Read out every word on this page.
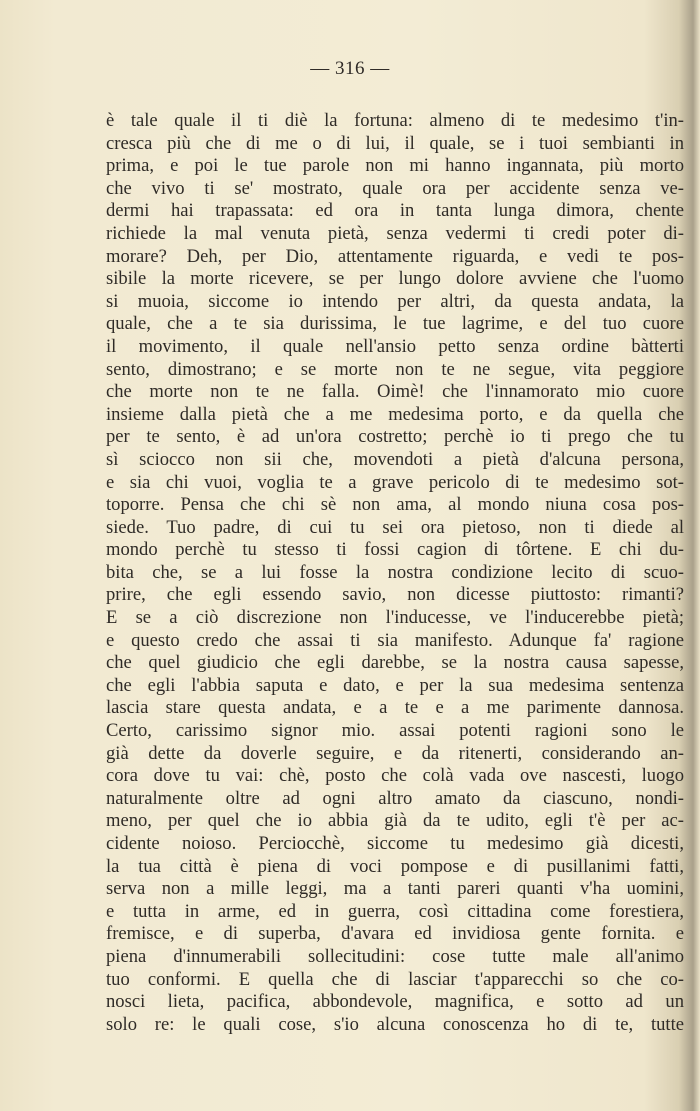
— 316 —
è tale quale il ti diè la fortuna: almeno di te medesimo t'in-
cresca più che di me o di lui, il quale, se i tuoi sembianti in
prima, e poi le tue parole non mi hanno ingannata, più morto
che vivo ti se' mostrato, quale ora per accidente senza ve-
dermi hai trapassata: ed ora in tanta lunga dimora, chente
richiede la mal venuta pietà, senza vedermi ti credi poter di-
morare? Deh, per Dio, attentamente riguarda, e vedi te pos-
sibile la morte ricevere, se per lungo dolore avviene che l'uomo
si muoia, siccome io intendo per altri, da questa andata, la
quale, che a te sia durissima, le tue lagrime, e del tuo cuore
il movimento, il quale nell'ansio petto senza ordine bàtterti
sento, dimostrano; e se morte non te ne segue, vita peggiore
che morte non te ne falla. Oimè! che l'innamorato mio cuore
insieme dalla pietà che a me medesima porto, e da quella che
per te sento, è ad un'ora costretto; perchè io ti prego che tu
sì sciocco non sii che, movendoti a pietà d'alcuna persona,
e sia chi vuoi, voglia te a grave pericolo di te medesimo sot-
toporre. Pensa che chi sè non ama, al mondo niuna cosa pos-
siede. Tuo padre, di cui tu sei ora pietoso, non ti diede al
mondo perchè tu stesso ti fossi cagion di tôrtene. E chi du-
bita che, se a lui fosse la nostra condizione lecito di scuo-
prire, che egli essendo savio, non dicesse piuttosto: rimanti?
E se a ciò discrezione non l'inducesse, ve l'inducerebbe pietà;
e questo credo che assai ti sia manifesto. Adunque fa' ragione
che quel giudicio che egli darebbe, se la nostra causa sapesse,
che egli l'abbia saputa e dato, e per la sua medesima sentenza
lascia stare questa andata, e a te e a me parimente dannosa.
Certo, carissimo signor mio. assai potenti ragioni sono le
già dette da doverle seguire, e da ritenerti, considerando an-
cora dove tu vai: chè, posto che colà vada ove nascesti, luogo
naturalmente oltre ad ogni altro amato da ciascuno, nondi-
meno, per quel che io abbia già da te udito, egli t'è per ac-
cidente noioso. Perciocchè, siccome tu medesimo già dicesti,
la tua città è piena di voci pompose e di pusillanimi fatti,
serva non a mille leggi, ma a tanti pareri quanti v'ha uomini,
e tutta in arme, ed in guerra, così cittadina come forestiera,
fremisce, e di superba, d'avara ed invidiosa gente fornita. e
piena d'innumerabili sollecitudini: cose tutte male all'animo
tuo conformi. E quella che di lasciar t'apparecchi so che co-
nosci lieta, pacifica, abbondevole, magnifica, e sotto ad un
solo re: le quali cose, s'io alcuna conoscenza ho di te, tutte
